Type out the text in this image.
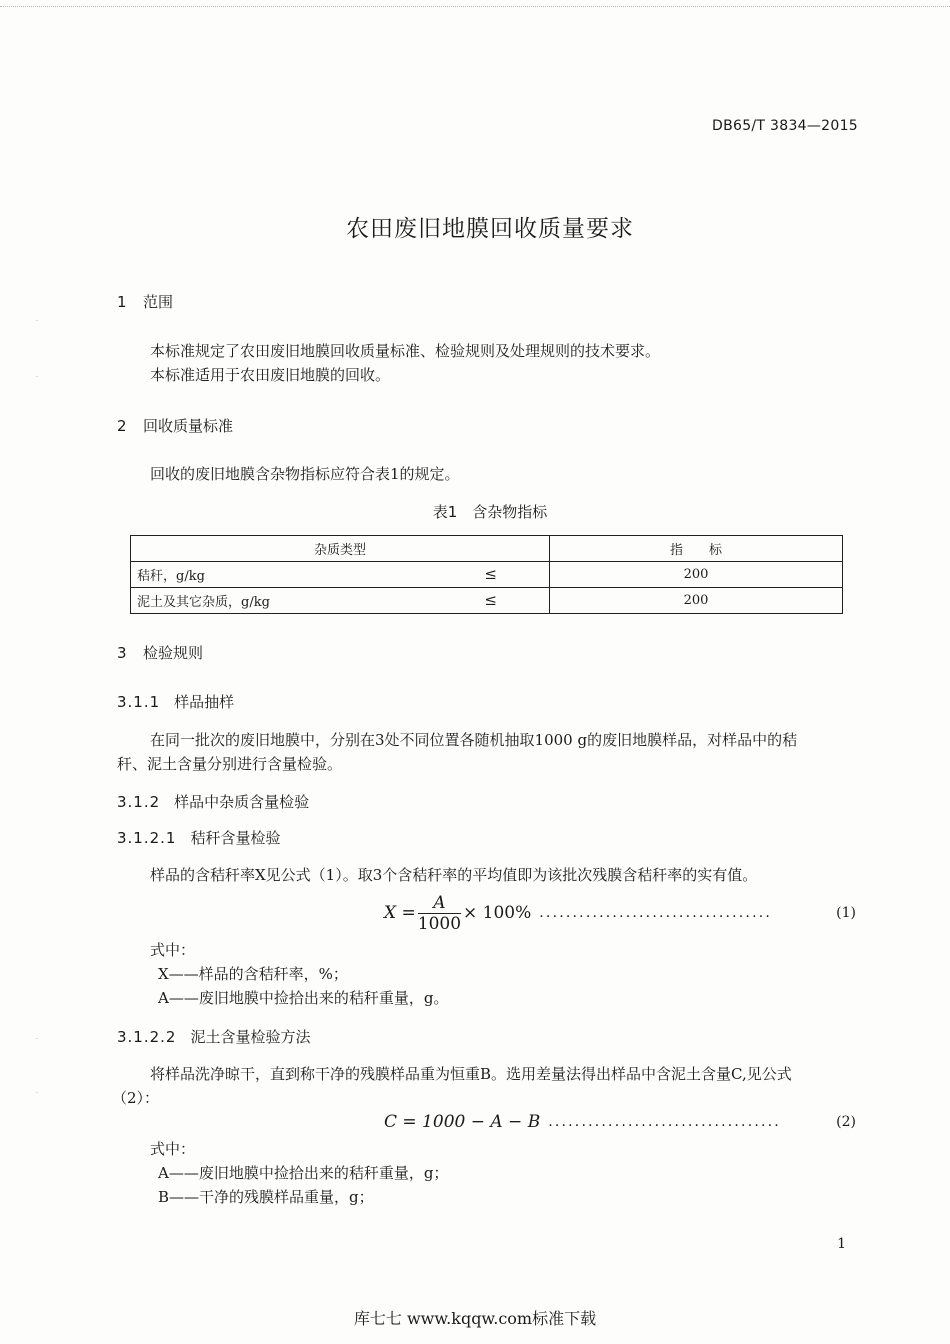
DB65/T 3834—2015
农田废旧地膜回收质量要求
1 范围
本标准规定了农田废旧地膜回收质量标准、检验规则及处理规则的技术要求。
本标准适用于农田废旧地膜的回收。
2 回收质量标准
回收的废旧地膜含杂物指标应符合表1的规定。
表1　含杂物指标
杂质类型	指　　标

秸秆，g/kg ≤	200

泥土及其它杂质，g/kg ≤	200
3 检验规则
3.1.1 样品抽样
在同一批次的废旧地膜中，分别在3处不同位置各随机抽取1000 g的废旧地膜样品，对样品中的秸
秆、泥土含量分别进行含量检验。
3.1.2 样品中杂质含量检验
3.1.2.1 秸秆含量检验
样品的含秸秆率X见公式（1）。取3个含秸秆率的平均值即为该批次残膜含秸秆率的实有值。
$X = \frac{A}{1000} \times 100\%$ ...................................	(1)
式中：
X——样品的含秸秆率，%；
A——废旧地膜中捡拾出来的秸秆重量，g。
3.1.2.2 泥土含量检验方法
将样品洗净晾干，直到称干净的残膜样品重为恒重B。选用差量法得出样品中含泥土含量C,见公式
（2）：
C = 1000 − A − B ...................................	(2)
式中：
A——废旧地膜中捡拾出来的秸秆重量，g；
B——干净的残膜样品重量，g；
1
库七七 www.kqqw.com标准下载
·
·
·
·
